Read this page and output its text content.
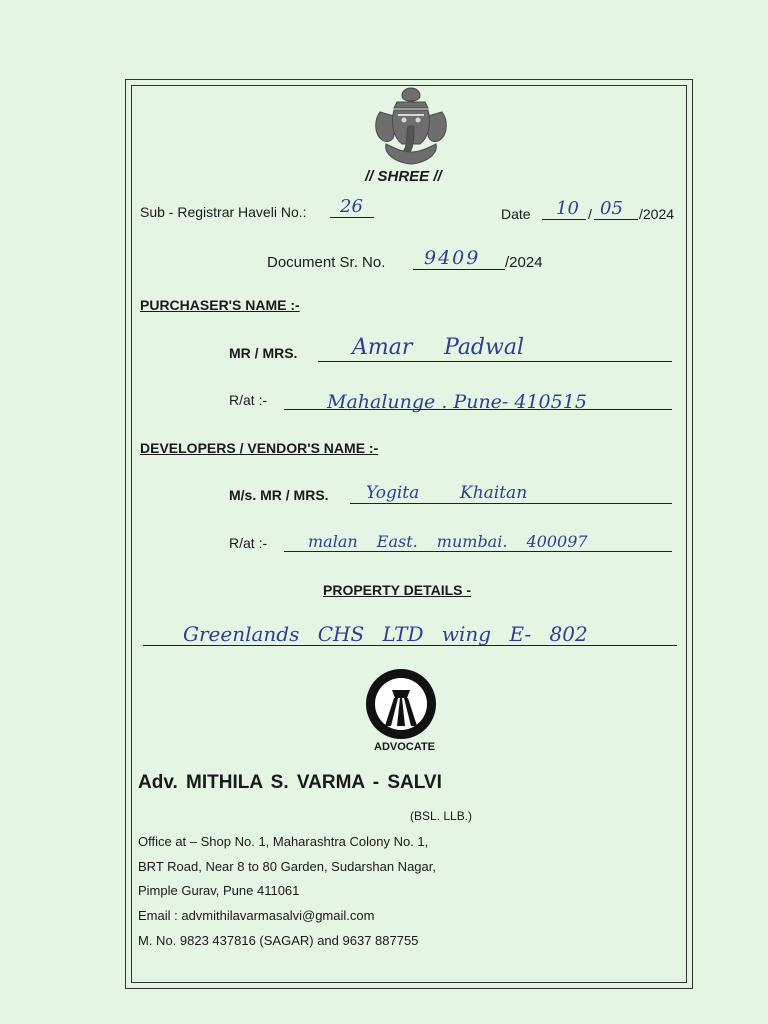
// SHREE //
Sub - Registrar Haveli No.: 26	Date 10 / 05 /2024
Document Sr. No. 9409 /2024
PURCHASER'S NAME :-
MR / MRS. Amar Padwal
R/at :-	Mahalunge . Pune- 410515
DEVELOPERS / VENDOR'S NAME :-
M/s. MR / MRS. Yogita Khaitan
R/at :-	malan East. mumbai. 400097
PROPERTY DETAILS -
Greenlands CHS LTD wing E- 802
ADVOCATE
Adv. MITHILA S. VARMA - SALVI
(BSL. LLB.)
Office at – Shop No. 1, Maharashtra Colony No. 1,
BRT Road, Near 8 to 80 Garden, Sudarshan Nagar,
Pimple Gurav, Pune 411061
Email : advmithilavarmasalvi@gmail.com
M. No. 9823 437816 (SAGAR) and 9637 887755
